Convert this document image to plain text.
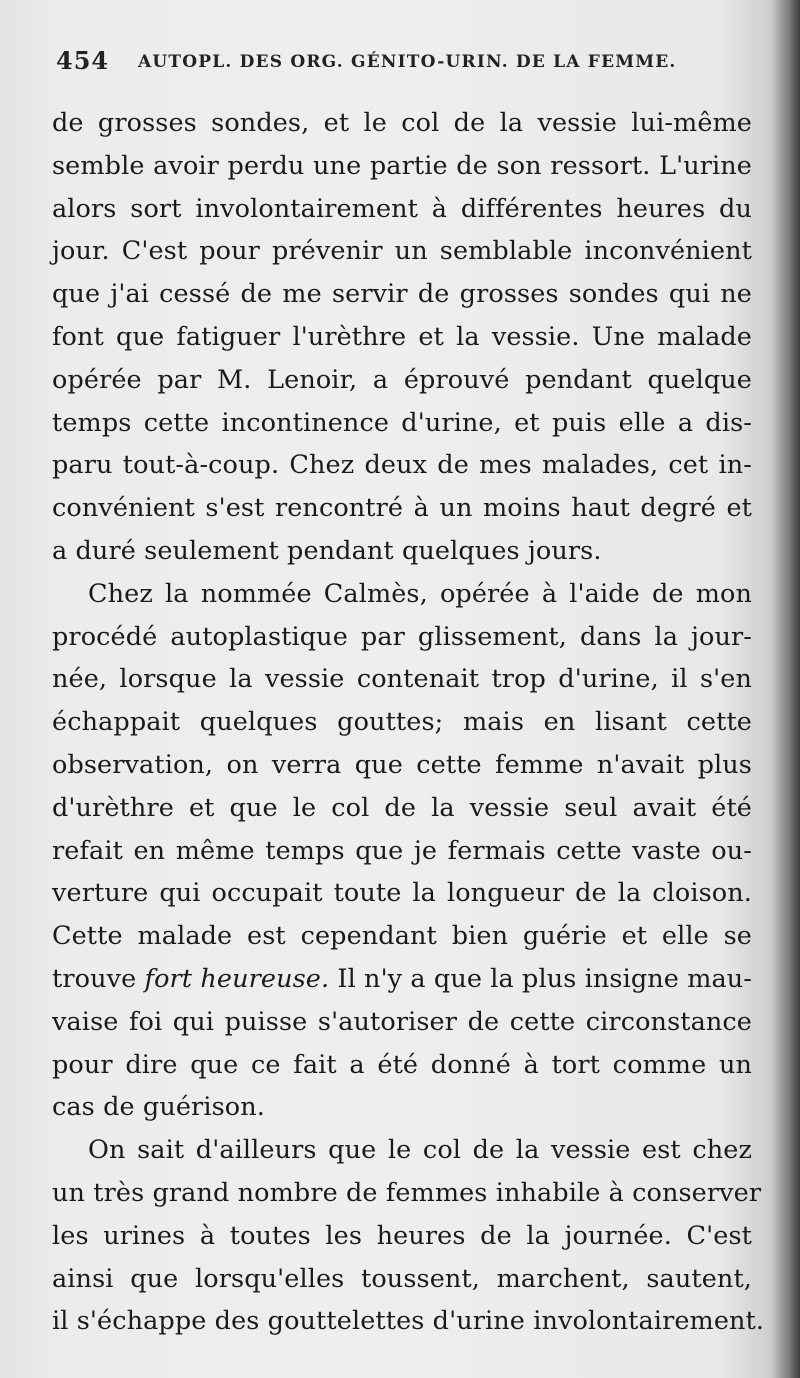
454 AUTOPL. DES ORG. GÉNITO-URIN. DE LA FEMME.
de grosses sondes, et le col de la vessie lui-même
semble avoir perdu une partie de son ressort. L'urine
alors sort involontairement à différentes heures du
jour. C'est pour prévenir un semblable inconvénient
que j'ai cessé de me servir de grosses sondes qui ne
font que fatiguer l'urèthre et la vessie. Une malade
opérée par M. Lenoir, a éprouvé pendant quelque
temps cette incontinence d'urine, et puis elle a dis-
paru tout-à-coup. Chez deux de mes malades, cet in-
convénient s'est rencontré à un moins haut degré et
a duré seulement pendant quelques jours.
Chez la nommée Calmès, opérée à l'aide de mon
procédé autoplastique par glissement, dans la jour-
née, lorsque la vessie contenait trop d'urine, il s'en
échappait quelques gouttes; mais en lisant cette
observation, on verra que cette femme n'avait plus
d'urèthre et que le col de la vessie seul avait été
refait en même temps que je fermais cette vaste ou-
verture qui occupait toute la longueur de la cloison.
Cette malade est cependant bien guérie et elle se
trouve fort heureuse. Il n'y a que la plus insigne mau-
vaise foi qui puisse s'autoriser de cette circonstance
pour dire que ce fait a été donné à tort comme un
cas de guérison.
On sait d'ailleurs que le col de la vessie est chez
un très grand nombre de femmes inhabile à conserver
les urines à toutes les heures de la journée. C'est
ainsi que lorsqu'elles toussent, marchent, sautent,
il s'échappe des gouttelettes d'urine involontairement.
